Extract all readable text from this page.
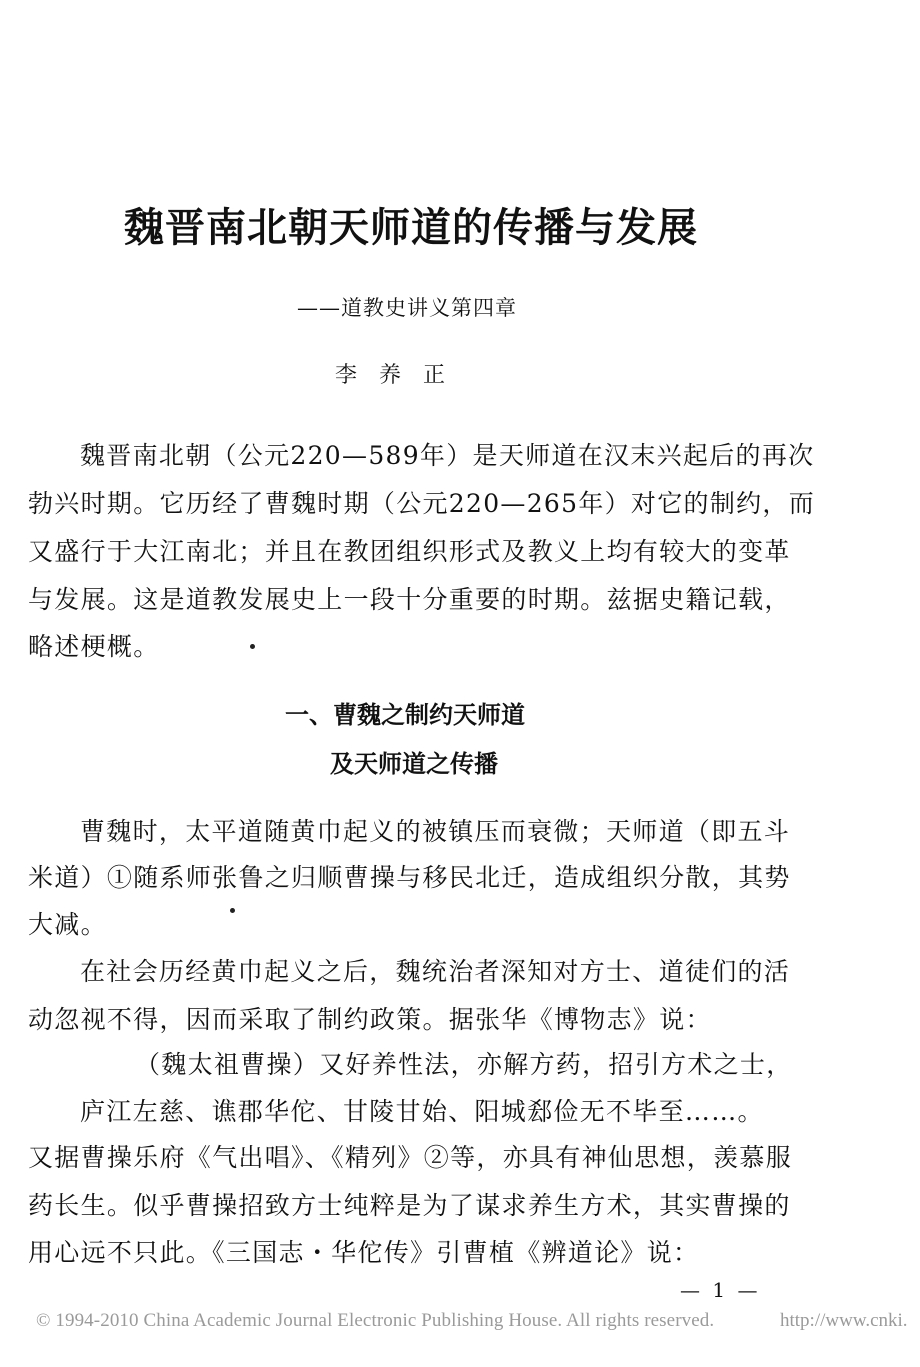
魏晋南北朝天师道的传播与发展
——道教史讲义第四章
李　养　正
魏晋南北朝（公元220—589年）是天师道在汉末兴起后的再次
勃兴时期。它历经了曹魏时期（公元220—265年）对它的制约，而
又盛行于大江南北；并且在教团组织形式及教义上均有较大的变革
与发展。这是道教发展史上一段十分重要的时期。兹据史籍记载，
略述梗概。
一、曹魏之制约天师道
及天师道之传播
曹魏时，太平道随黄巾起义的被镇压而衰微；天师道（即五斗
米道）①随系师张鲁之归顺曹操与移民北迁，造成组织分散，其势
大减。
在社会历经黄巾起义之后，魏统治者深知对方士、道徒们的活
动忽视不得，因而采取了制约政策。据张华《博物志》说：
（魏太祖曹操）又好养性法，亦解方药，招引方术之士，
庐江左慈、谯郡华佗、甘陵甘始、阳城郄俭无不毕至……。
又据曹操乐府《气出唱》、《精列》②等，亦具有神仙思想，羡慕服
药长生。似乎曹操招致方士纯粹是为了谋求养生方术，其实曹操的
用心远不只此。《三国志・华佗传》引曹植《辨道论》说：
— 1 —
© 1994-2010 China Academic Journal Electronic Publishing House. All rights reserved.	http://www.cnki.
